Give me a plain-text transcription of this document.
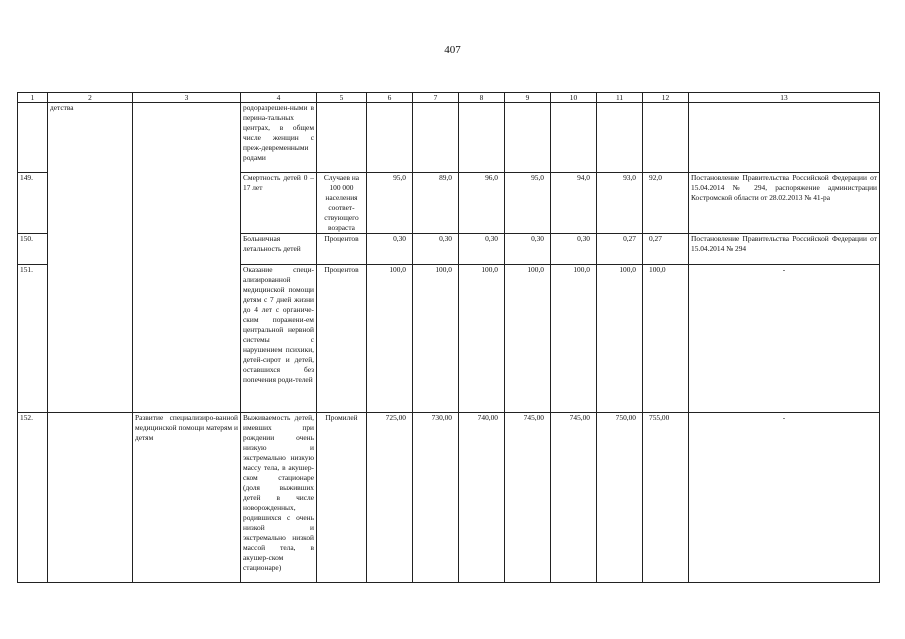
407
1	2	3	4	5	6	7	8	9	10	11	12	13
	детства		родоразрешен-ными в перина-тальных центрах, в общем числе женщин с преж-девременными родами									
149.			Смертность детей 0 – 17 лет	Случаев на 100 000 населения соответ-ствующего возраста	95,0	89,0	96,0	95,0	94,0	93,0	92,0	Постановление Правительства Российской Федерации от 15.04.2014 № 294, распоряжение администрации Костромской области от 28.02.2013 № 41-ра
150.			Больничная летальность детей	Процентов	0,30	0,30	0,30	0,30	0,30	0,27	0,27	Постановление Правительства Российской Федерации от 15.04.2014 № 294
151.			Оказание специ-ализированной медицинской помощи детям с 7 дней жизни до 4 лет с органиче-ским поражени-ем центральной нервной системы с нарушением психики, детей-сирот и детей, оставшихся без попечения роди-телей	Процентов	100,0	100,0	100,0	100,0	100,0	100,0	100,0	-
152.		Развитие специализиро-ванной медицинской помощи матерям и детям	Выживаемость детей, имевших при рождении очень низкую и экстремально низкую массу тела, в акушер-ском стационаре (доля выживших детей в числе новорожденных, родившихся с очень низкой и экстремально низкой массой тела, в акушер-ском стационаре)	Промилей	725,00	730,00	740,00	745,00	745,00	750,00	755,00	-
